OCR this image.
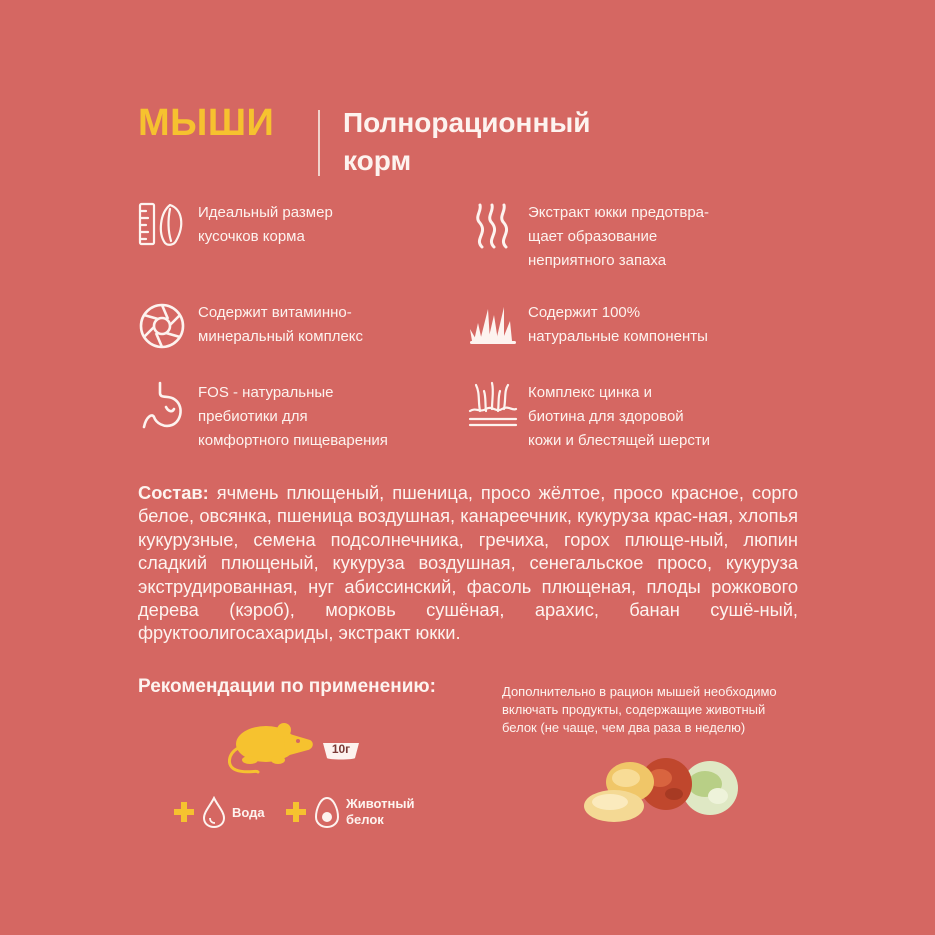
МЫШИ Полнорационный
корм
Идеальный размер
кусочков корма
Экстракт юкки предотвра-
щает образование
неприятного запаха
Содержит витаминно-
минеральный комплекс
Содержит 100%
натуральные компоненты
FOS - натуральные
пребиотики для
комфортного пищеварения
Комплекс цинка и
биотина для здоровой
кожи и блестящей шерсти
Состав: ячмень плющеный, пшеница, просо жёлтое, просо красное, сорго белое, овсянка, пшеница воздушная, канареечник, кукуруза крас-ная, хлопья кукурузные, семена подсолнечника, гречиха, горох плюще-ный, люпин сладкий плющеный, кукуруза воздушная, сенегальское просо, кукуруза экструдированная, нуг абиссинский, фасоль плющеная, плоды рожкового дерева (кэроб), морковь сушёная, арахис, банан сушё-ный, фруктоолигосахариды, экстракт юкки.
Рекомендации по применению:
10г
Вода
Животный
белок
Дополнительно в рацион мышей необходимо включать продукты, содержащие животный белок (не чаще, чем два раза в неделю)
